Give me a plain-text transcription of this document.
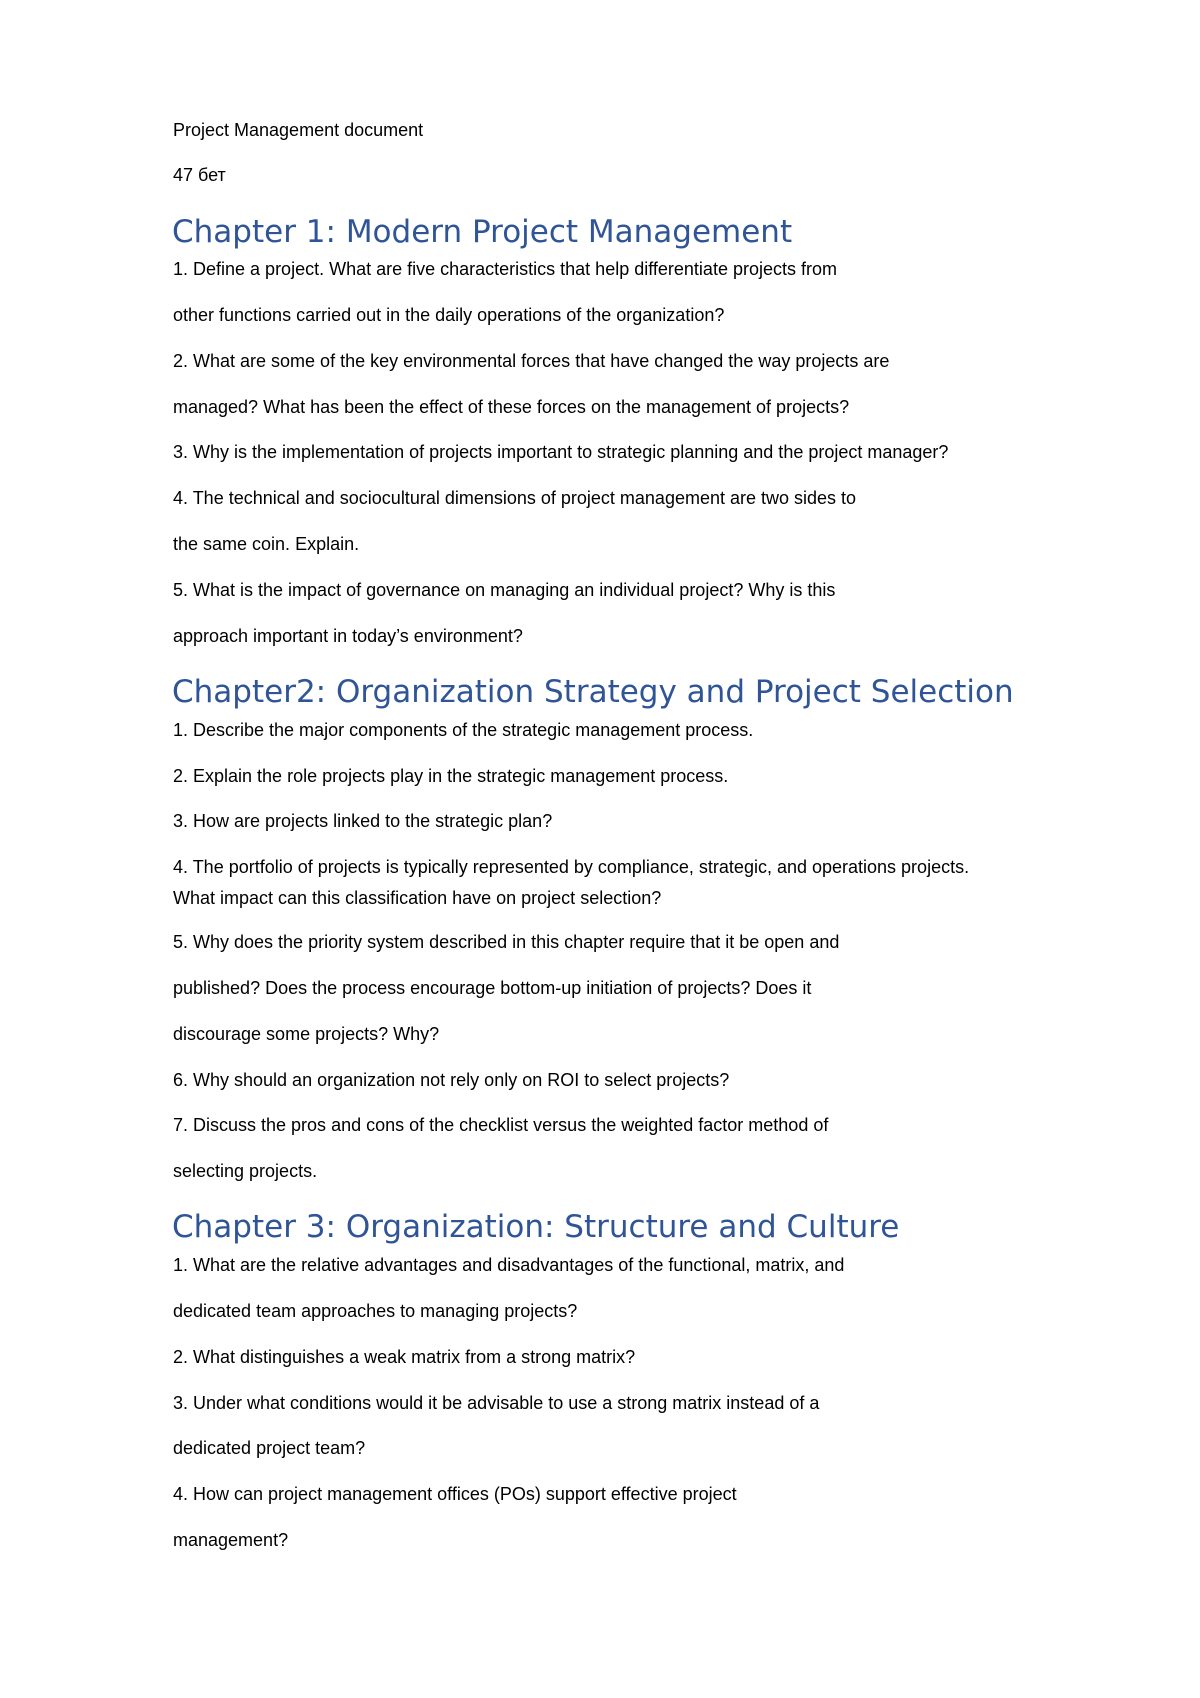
Project Management document
47 бет
Chapter 1: Modern Project Management
1. Define a project. What are five characteristics that help differentiate projects from
other functions carried out in the daily operations of the organization?
2. What are some of the key environmental forces that have changed the way projects are
managed? What has been the effect of these forces on the management of projects?
3. Why is the implementation of projects important to strategic planning and the project manager?
4. The technical and sociocultural dimensions of project management are two sides to
the same coin. Explain.
5. What is the impact of governance on managing an individual project? Why is this
approach important in today’s environment?
Chapter2: Organization Strategy and Project Selection
1. Describe the major components of the strategic management process.
2. Explain the role projects play in the strategic management process.
3. How are projects linked to the strategic plan?
4. The portfolio of projects is typically represented by compliance, strategic, and operations projects.
What impact can this classification have on project selection?
5. Why does the priority system described in this chapter require that it be open and
published? Does the process encourage bottom-up initiation of projects? Does it
discourage some projects? Why?
6. Why should an organization not rely only on ROI to select projects?
7. Discuss the pros and cons of the checklist versus the weighted factor method of
selecting projects.
Chapter 3: Organization: Structure and Culture
1. What are the relative advantages and disadvantages of the functional, matrix, and
dedicated team approaches to managing projects?
2. What distinguishes a weak matrix from a strong matrix?
3. Under what conditions would it be advisable to use a strong matrix instead of a
dedicated project team?
4. How can project management offices (POs) support effective project
management?
